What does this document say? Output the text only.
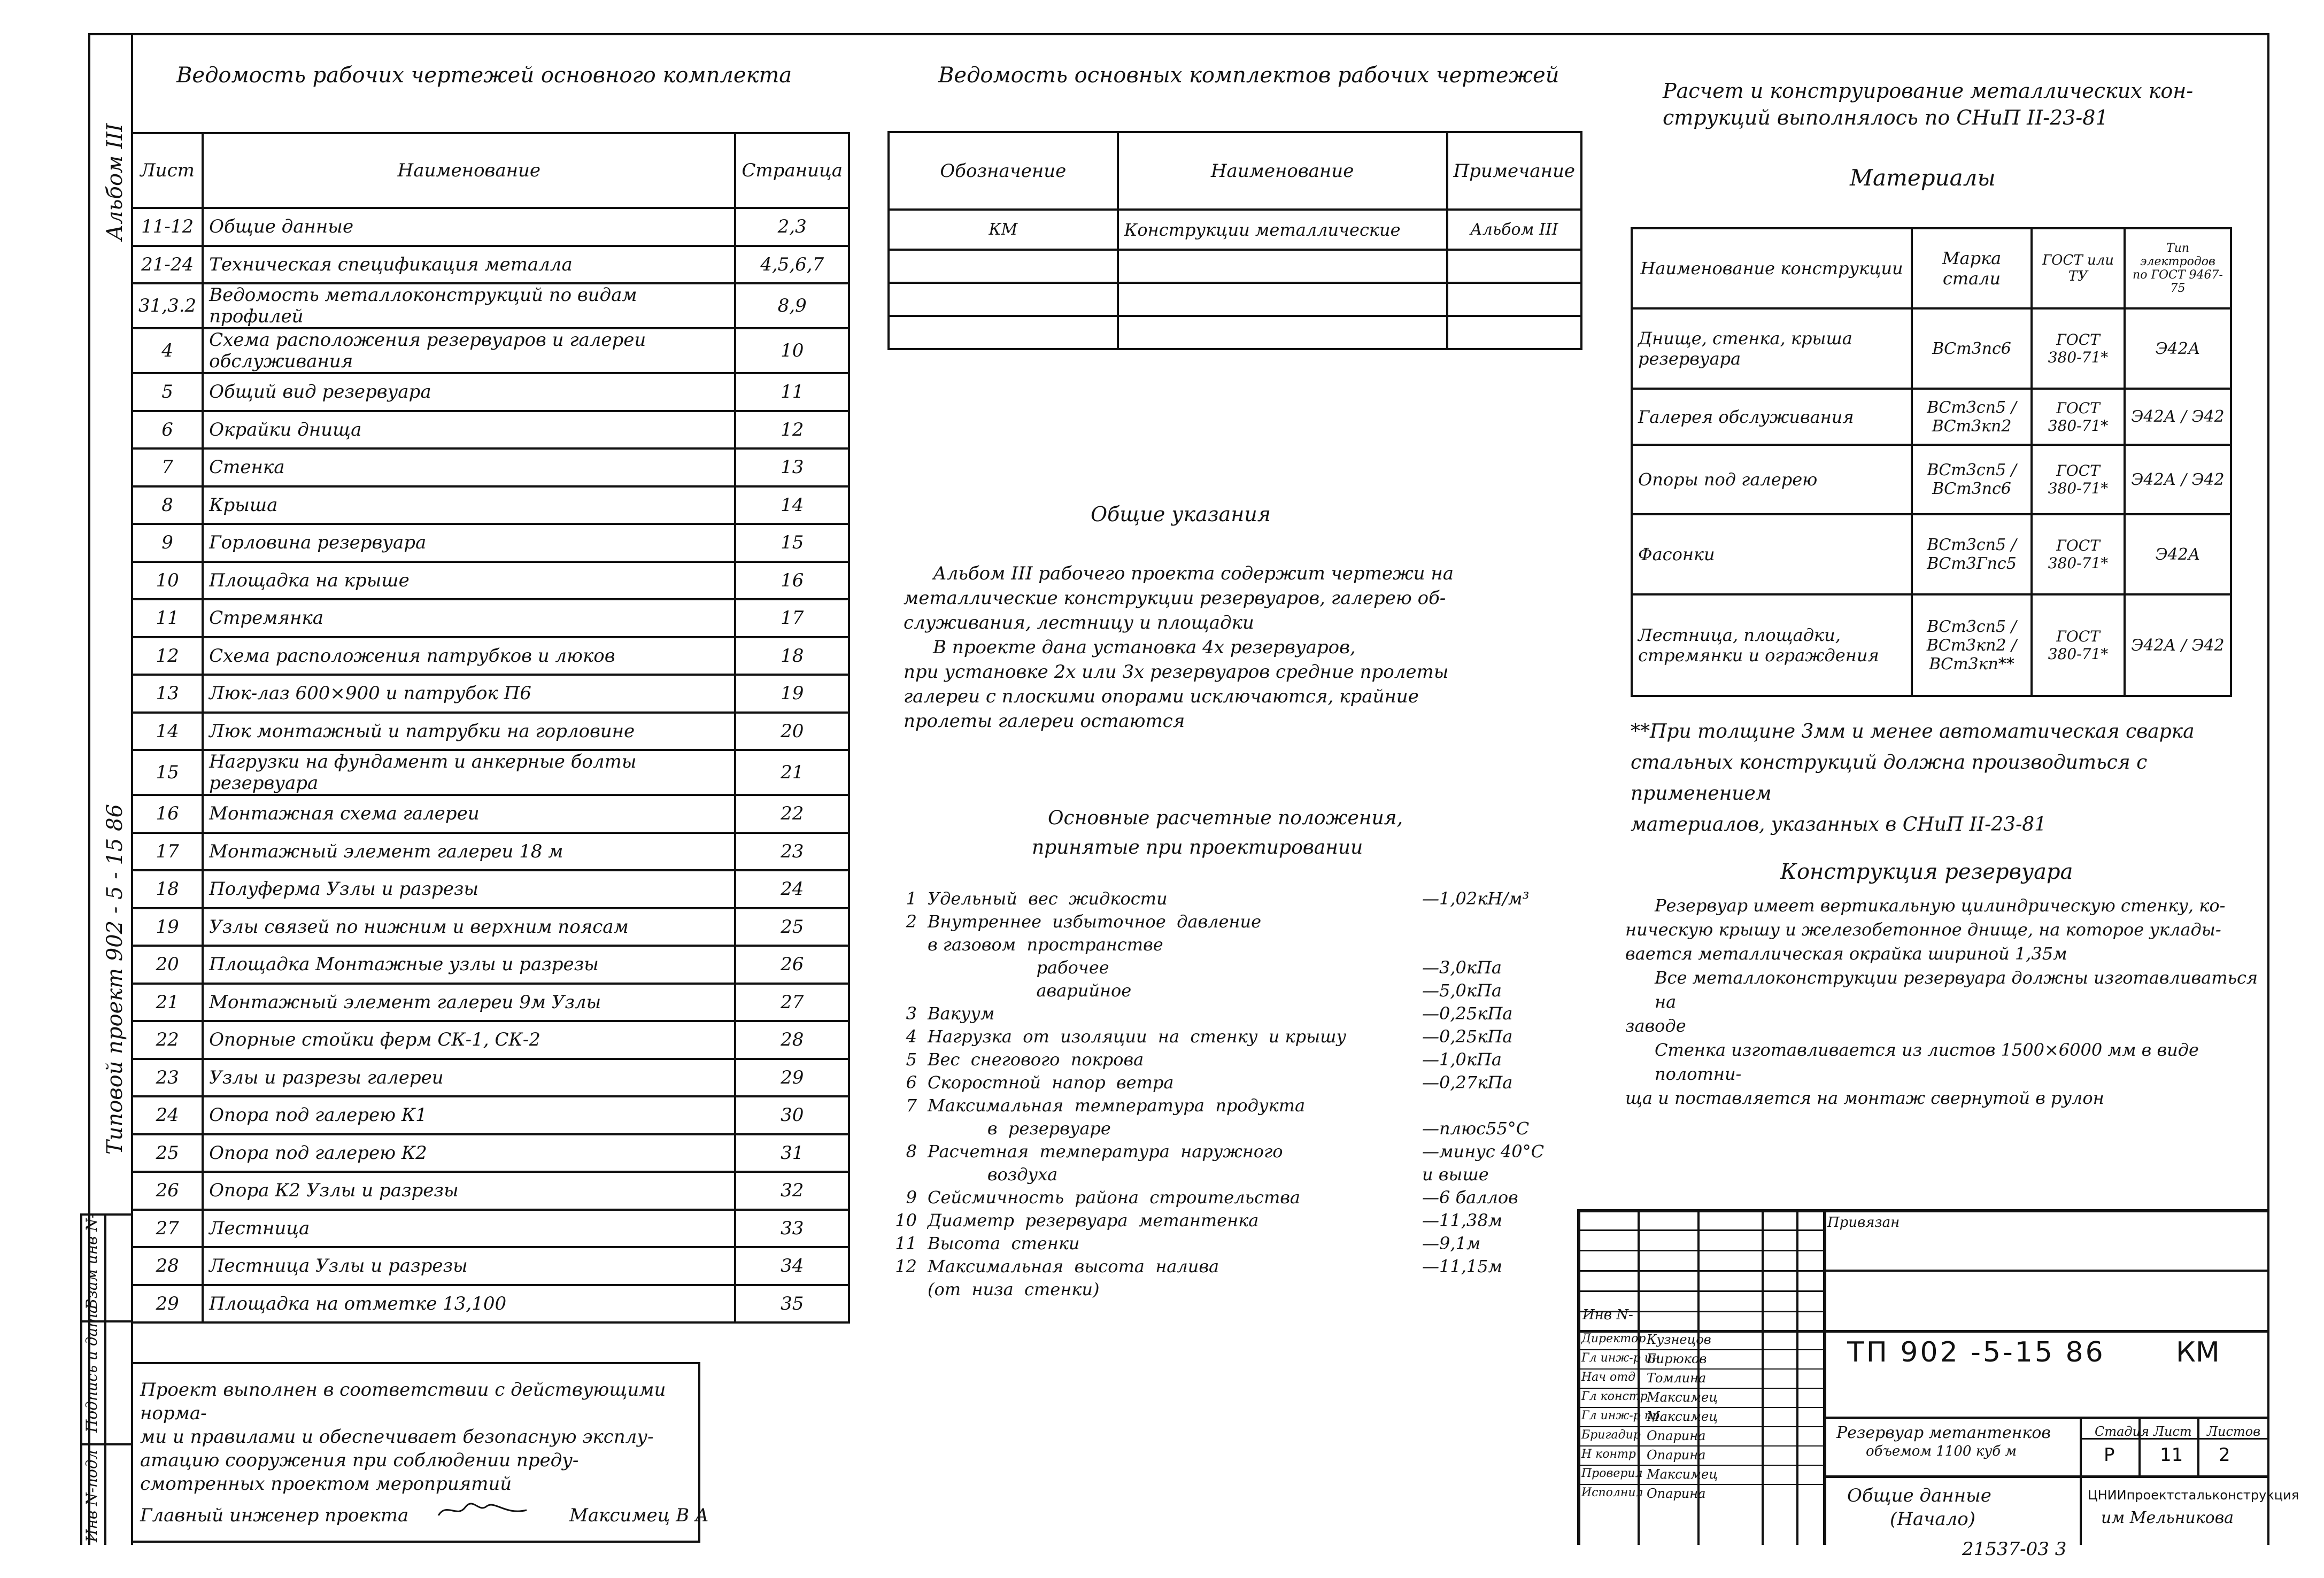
Альбом III
Типовой проект 902 - 5 - 15 86
Взам инв N-
Подпись и дата
Инв N-подл
Ведомость рабочих чертежей основного комплекта
Лист	Наименование	Страница
11-12	Общие данные	2,3
21-24	Техническая спецификация металла	4,5,6,7
31,3.2	Ведомость металлоконструкций по видам профилей	8,9
4	Схема расположения резервуаров и галереи обслуживания	10
5	Общий вид резервуара	11
6	Окрайки днища	12
7	Стенка	13
8	Крыша	14
9	Горловина резервуара	15
10	Площадка на крыше	16
11	Стремянка	17
12	Схема расположения патрубков и люков	18
13	Люк-лаз 600×900 и патрубок П6	19
14	Люк монтажный и патрубки на горловине	20
15	Нагрузки на фундамент и анкерные болты резервуара	21
16	Монтажная схема галереи	22
17	Монтажный элемент галереи 18 м	23
18	Полуферма Узлы и разрезы	24
19	Узлы связей по нижним и верхним поясам	25
20	Площадка Монтажные узлы и разрезы	26
21	Монтажный элемент галереи 9м Узлы	27
22	Опорные стойки ферм СК-1, СК-2	28
23	Узлы и разрезы галереи	29
24	Опора под галерею К1	30
25	Опора под галерею К2	31
26	Опора К2 Узлы и разрезы	32
27	Лестница	33
28	Лестница Узлы и разрезы	34
29	Площадка на отметке 13,100	35
Ведомость основных комплектов рабочих чертежей
Обозначение	Наименование	Примечание
КМ	Конструкции металлические	Альбом III

Общие указания
Альбом III рабочего проекта содержит чертежи на
металлические конструкции резервуаров, галерею об-
служивания, лестницу и площадки
В проекте дана установка 4х резервуаров,
при установке 2х или 3х резервуаров средние пролеты
галереи с плоскими опорами исключаются, крайние
пролеты галереи остаются
Основные расчетные положения,
принятые при проектировании
1 Удельный  вес  жидкости	—1,02кН/м³
2 Внутреннее  избыточное  давление
в газовом  пространстве
рабочее	—3,0кПа
аварийное	—5,0кПа
3 Вакуум	—0,25кПа
4 Нагрузка  от  изоляции  на  стенку  и крышу	—0,25кПа
5 Вес  снегового  покрова	—1,0кПа
6 Скоростной  напор  ветра	—0,27кПа
7 Максимальная  температура  продукта
в  резервуаре	—плюс55°С
8 Расчетная  температура  наружного	—минус 40°С
воздуха	и выше
9 Сейсмичность  района  строительства	—6 баллов
10 Диаметр  резервуара  метантенка	—11,38м
11 Высота  стенки	—9,1м
12 Максимальная  высота  налива	—11,15м
(от  низа  стенки)
Расчет и конструирование металлических кон-
струкций выполнялось по СНиП II-23-81
Материалы
Наименование конструкции	Марка стали	ГОСТ или ТУ	Тип электродов по ГОСТ 9467-75
Днище, стенка, крыша резервуара	ВСт3пс6	ГОСТ 380-71*	Э42А
Галерея обслуживания	ВСт3сп5 / ВСт3кп2	ГОСТ 380-71*	Э42А / Э42
Опоры под галерею	ВСт3сп5 / ВСт3пс6	ГОСТ 380-71*	Э42А / Э42
Фасонки	ВСт3сп5 / ВСт3Гпс5	ГОСТ 380-71*	Э42А
Лестница, площадки, стремянки и ограждения	ВСт3сп5 / ВСт3кп2 / ВСт3кп**	ГОСТ 380-71*	Э42А / Э42
**При толщине 3мм и менее автоматическая сварка
стальных конструкций должна производиться с применением
материалов, указанных в СНиП II-23-81
Конструкция резервуара
Резервуар имеет вертикальную цилиндрическую стенку, ко-
ническую крышу и железобетонное днище, на которое уклады-
вается металлическая окрайка шириной 1,35м
Все металлоконструкции резервуара должны изготавливаться на
заводе
Стенка изготавливается из листов 1500×6000 мм в виде полотни-
ща и поставляется на монтаж свернутой в рулон
Проект выполнен в соответствии с действующими норма-
ми и правилами и обеспечивает безопасную эксплу-
атацию сооружения при соблюдении преду-
смотренных проектом мероприятий
Главный инженер проекта	Максимец В А
Привязан
Инв N-
Директор Кузнецов
Гл инж-р ин
Бирюков
Нач отд Томлина
Гл констр
Максимец
Гл инж-р пр
Максимец
Бригадир Опарина
Н контр Опарина
Проверил Максимец
Исполнил Опарина
ТП 902 -5-15 86	КМ
Резервуар метантенков
объемом 1100 куб м
Стадия Лист Листов
Р 11 2
Общие данные
(Начало)
ЦНИИпроектстальконструкция
им Мельникова
21537-03 3
